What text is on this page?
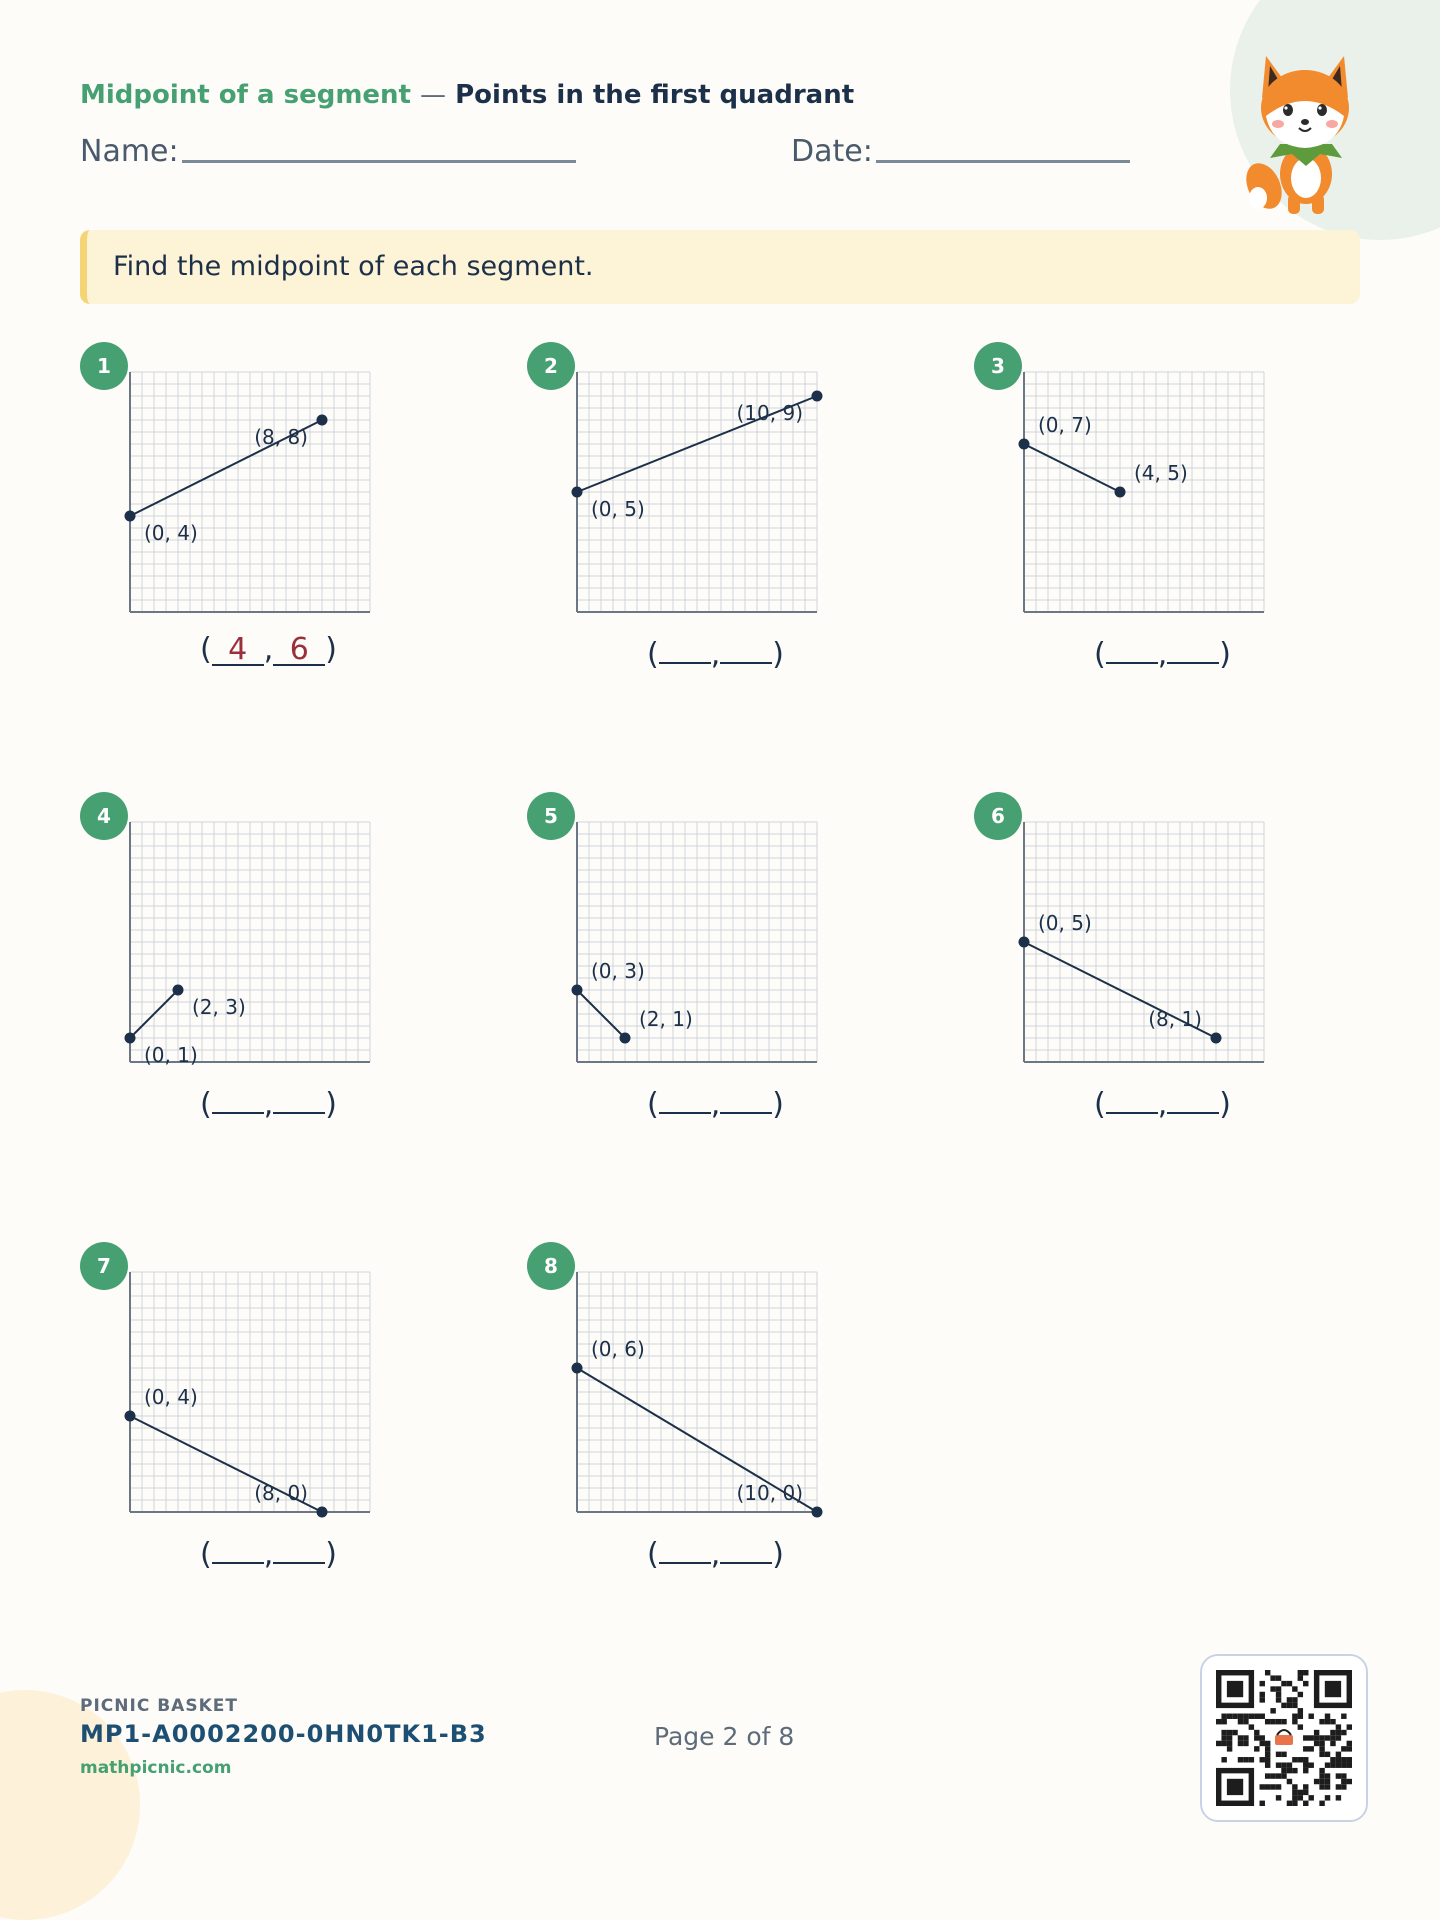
Midpoint of a segment — Points in the first quadrant
Name:	Date:
Find the midpoint of each segment.
1
(0, 4)
(8, 8)
( 4 , 6 )
2
(0, 5)
(10, 9)
( , )
3
(0, 7)
(4, 5)
( , )
4
(0, 1)
(2, 3)
( , )
5
(0, 3)
(2, 1)
( , )
6
(0, 5)
(8, 1)
( , )
7
(0, 4)
(8, 0)
( , )
8
(0, 6)
(10, 0)
( , )
PICNIC BASKET
MP1-A0002200-0HN0TK1-B3
mathpicnic.com
Page 2 of 8
